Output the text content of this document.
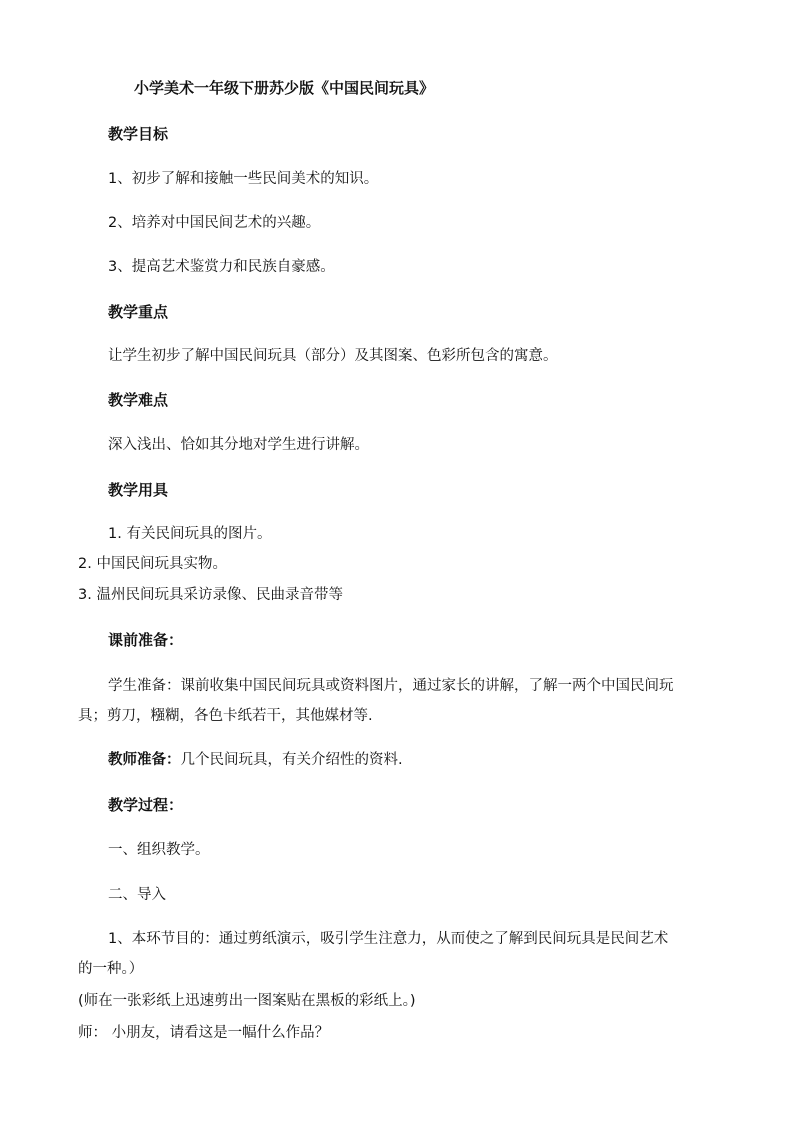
小学美术一年级下册苏少版《中国民间玩具》
教学目标
1、初步了解和接触一些民间美术的知识。
2、培养对中国民间艺术的兴趣。
3、提高艺术鉴赏力和民族自豪感。
教学重点
让学生初步了解中国民间玩具（部分）及其图案、色彩所包含的寓意。
教学难点
深入浅出、恰如其分地对学生进行讲解。
教学用具
1. 有关民间玩具的图片。
2. 中国民间玩具实物。
3. 温州民间玩具采访录像、民曲录音带等
课前准备：
学生准备：课前收集中国民间玩具或资料图片，通过家长的讲解，了解一两个中国民间玩
具；剪刀，糨糊，各色卡纸若干，其他媒材等.
教师准备：几个民间玩具，有关介绍性的资料.
教学过程：
一、组织教学。
二、导入
1、本环节目的：通过剪纸演示，吸引学生注意力，从而使之了解到民间玩具是民间艺术
的一种。）
(师在一张彩纸上迅速剪出一图案贴在黑板的彩纸上。)
师： 小朋友，请看这是一幅什么作品？
